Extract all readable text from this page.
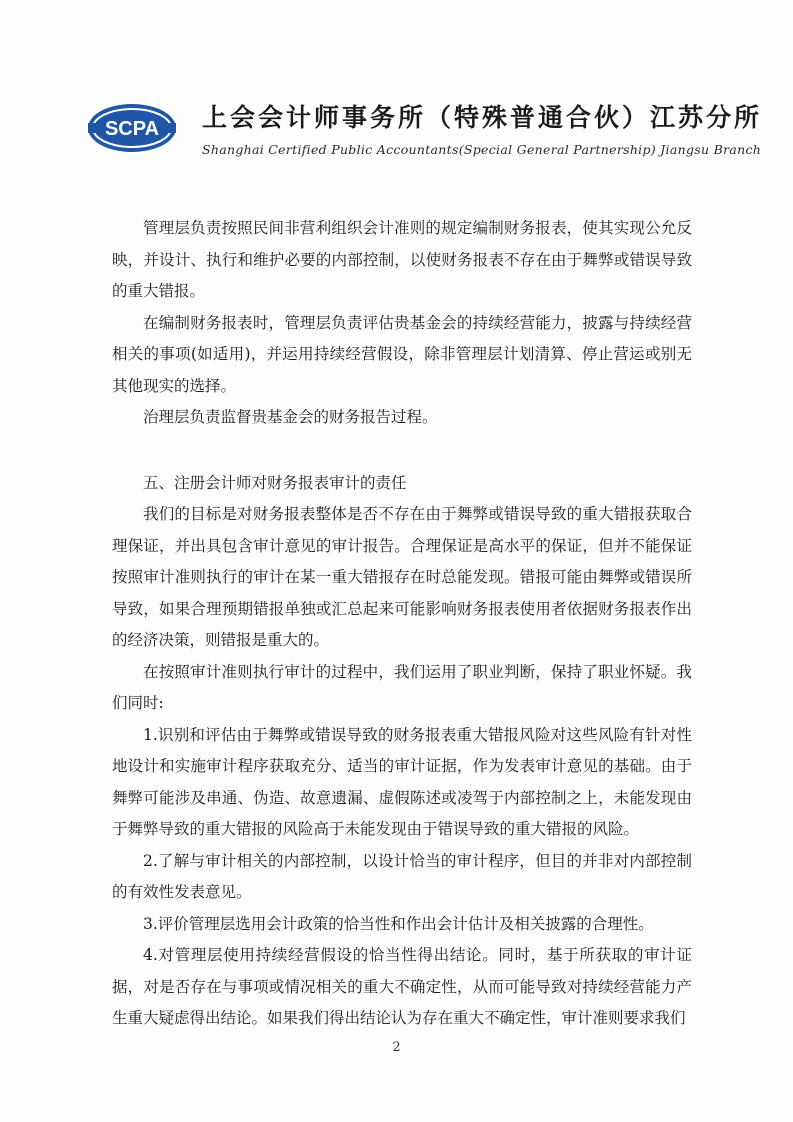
SCPA 上会会计师事务所（特殊普通合伙）江苏分所
Shanghai Certified Public Accountants(Special General Partnership) Jiangsu Branch

管理层负责按照民间非营利组织会计准则的规定编制财务报表，使其实现公允反映，并设计、执行和维护必要的内部控制，以使财务报表不存在由于舞弊或错误导致的重大错报。

在编制财务报表时，管理层负责评估贵基金会的持续经营能力，披露与持续经营相关的事项(如适用)，并运用持续经营假设，除非管理层计划清算、停止营运或别无其他现实的选择。

治理层负责监督贵基金会的财务报告过程。

五、注册会计师对财务报表审计的责任

我们的目标是对财务报表整体是否不存在由于舞弊或错误导致的重大错报获取合理保证，并出具包含审计意见的审计报告。合理保证是高水平的保证，但并不能保证按照审计准则执行的审计在某一重大错报存在时总能发现。错报可能由舞弊或错误所导致，如果合理预期错报单独或汇总起来可能影响财务报表使用者依据财务报表作出的经济决策，则错报是重大的。

在按照审计准则执行审计的过程中，我们运用了职业判断，保持了职业怀疑。我们同时:

1.识别和评估由于舞弊或错误导致的财务报表重大错报风险对这些风险有针对性地设计和实施审计程序获取充分、适当的审计证据，作为发表审计意见的基础。由于舞弊可能涉及串通、伪造、故意遗漏、虚假陈述或凌驾于内部控制之上，未能发现由于舞弊导致的重大错报的风险高于未能发现由于错误导致的重大错报的风险。

2.了解与审计相关的内部控制，以设计恰当的审计程序，但目的并非对内部控制的有效性发表意见。

3.评价管理层选用会计政策的恰当性和作出会计估计及相关披露的合理性。

4.对管理层使用持续经营假设的恰当性得出结论。同时，基于所获取的审计证据，对是否存在与事项或情况相关的重大不确定性，从而可能导致对持续经营能力产生重大疑虑得出结论。如果我们得出结论认为存在重大不确定性，审计准则要求我们

2
